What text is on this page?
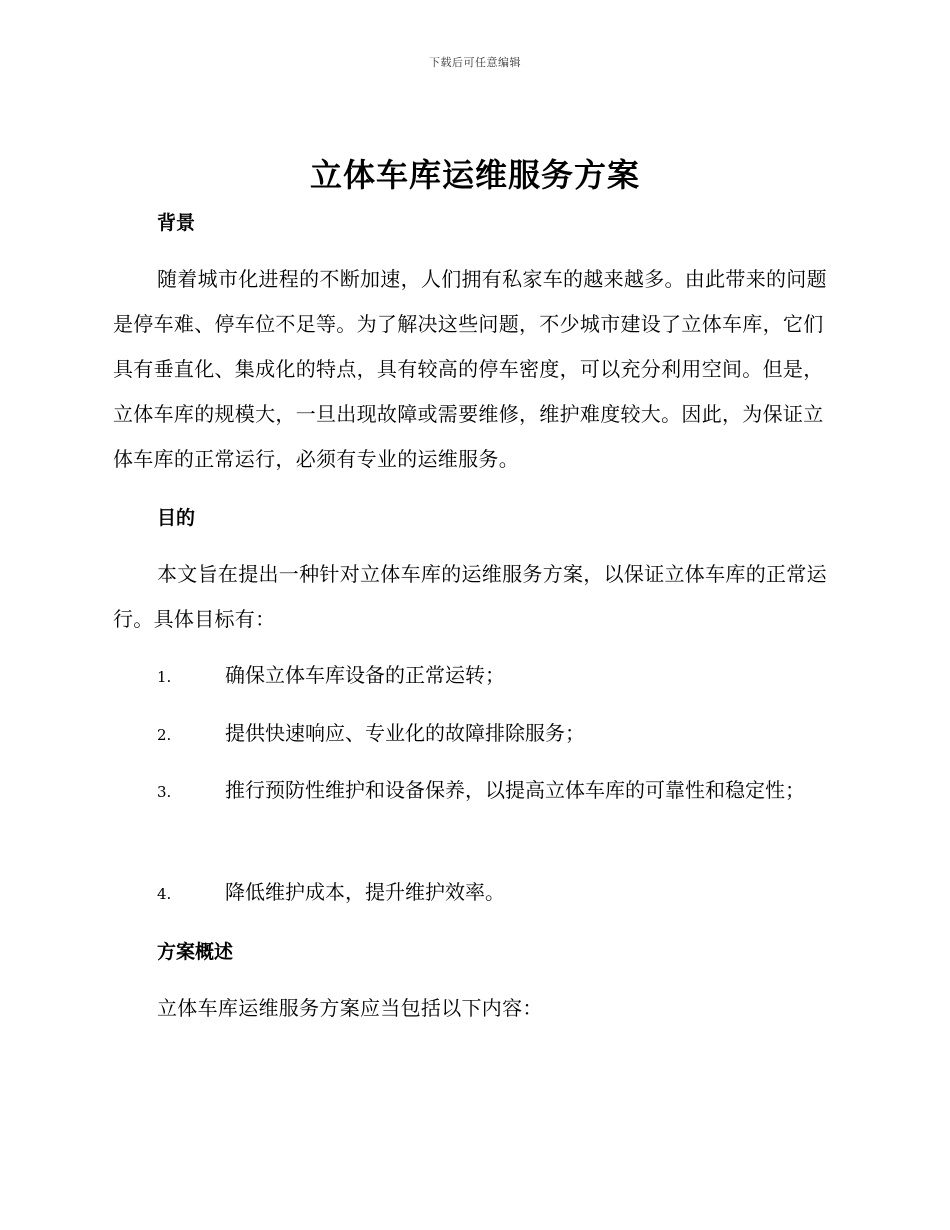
下载后可任意编辑
立体车库运维服务方案
背景

随着城市化进程的不断加速，人们拥有私家车的越来越多。由此带来的问题是停车难、停车位不足等。为了解决这些问题，不少城市建设了立体车库，它们具有垂直化、集成化的特点，具有较高的停车密度，可以充分利用空间。但是，立体车库的规模大，一旦出现故障或需要维修，维护难度较大。因此，为保证立体车库的正常运行，必须有专业的运维服务。

目的

本文旨在提出一种针对立体车库的运维服务方案，以保证立体车库的正常运行。具体目标有：

1.	确保立体车库设备的正常运转；
2.	提供快速响应、专业化的故障排除服务；
3.	推行预防性维护和设备保养，以提高立体车库的可靠性和稳定性；
4.	降低维护成本，提升维护效率。
方案概述

立体车库运维服务方案应当包括以下内容：
